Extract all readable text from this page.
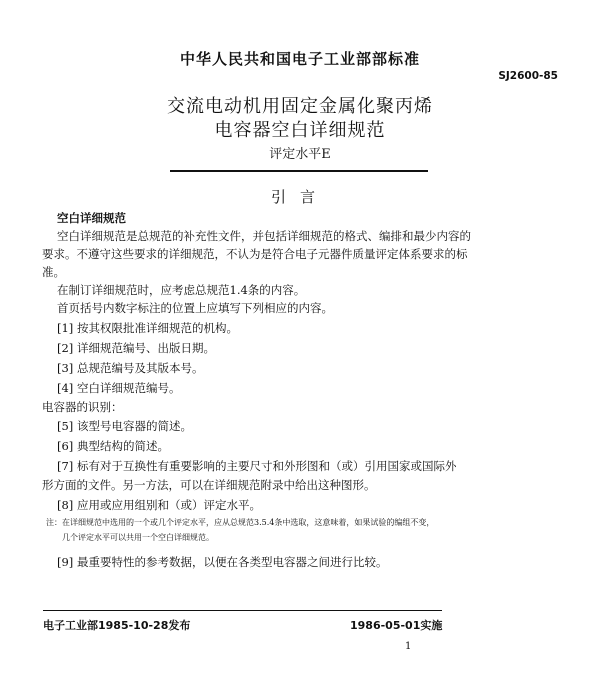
中华人民共和国电子工业部部标准
SJ2600-85
交流电动机用固定金属化聚丙烯
电容器空白详细规范
评定水平E
引言
空白详细规范
空白详细规范是总规范的补充性文件，并包括详细规范的格式、编排和最少内容的
要求。不遵守这些要求的详细规范，不认为是符合电子元器件质量评定体系要求的标
准。
在制订详细规范时，应考虑总规范1.4条的内容。
首页括号内数字标注的位置上应填写下列相应的内容。
[1] 按其权限批准详细规范的机构。
[2] 详细规范编号、出版日期。
[3] 总规范编号及其版本号。
[4] 空白详细规范编号。
电容器的识别：
[5] 该型号电容器的简述。
[6] 典型结构的简述。
[7] 标有对于互换性有重要影响的主要尺寸和外形图和（或）引用国家或国际外
形方面的文件。另一方法，可以在详细规范附录中给出这种图形。
[8] 应用或应用组别和（或）评定水平。
注：在详细规范中选用的一个或几个评定水平，应从总规范3.5.4条中选取，这意味着，如果试验的编组不变，
几个评定水平可以共用一个空白详细规范。
[9] 最重要特性的参考数据，以便在各类型电容器之间进行比较。
电子工业部1985-10-28发布	1986-05-01实施
1
